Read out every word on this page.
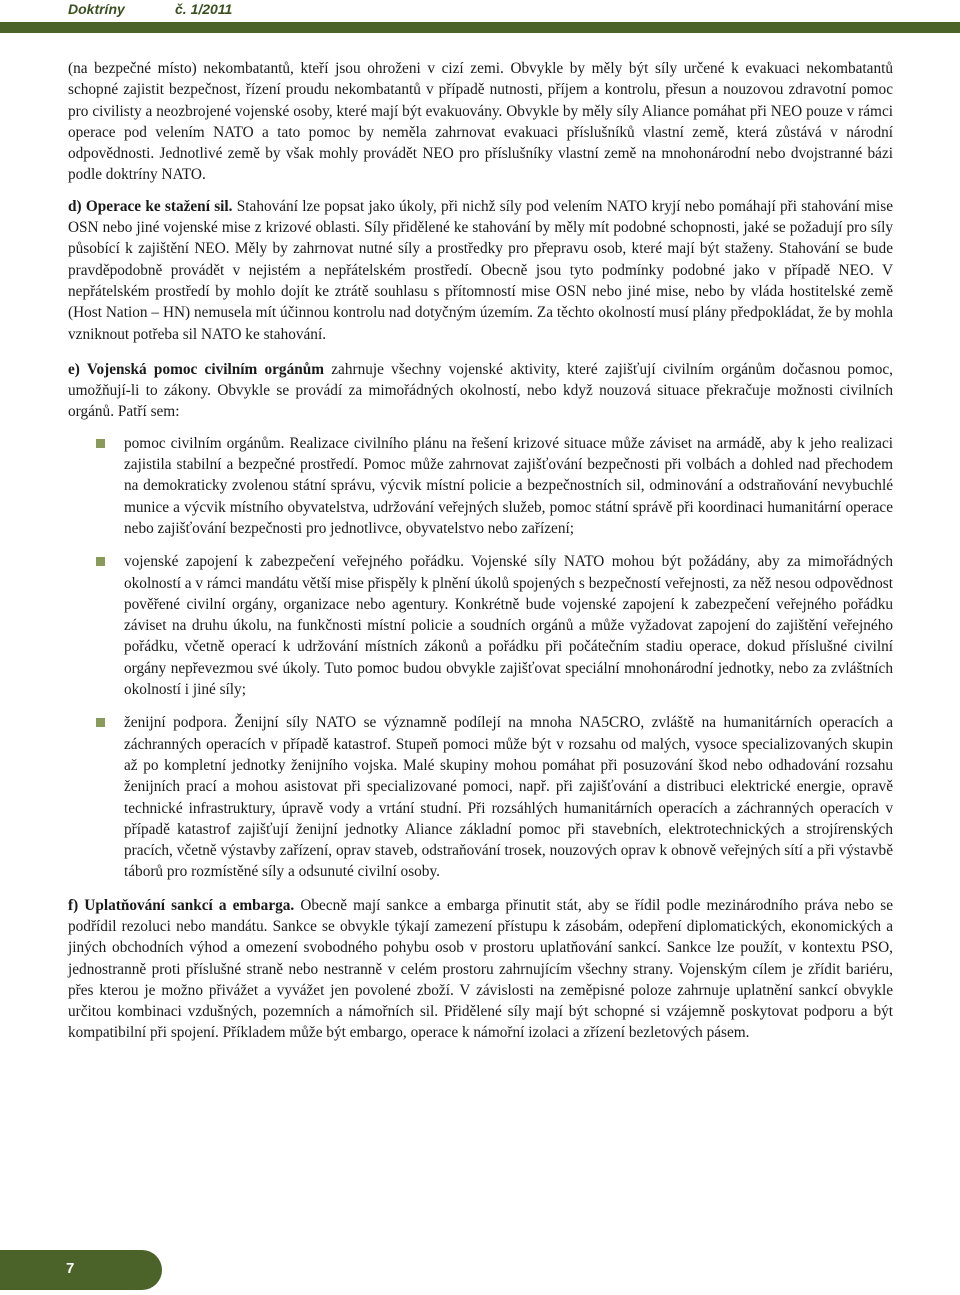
Doktríny	č. 1/2011

(na bezpečné místo) nekombatantů, kteří jsou ohroženi v cizí zemi. Obvykle by měly být síly určené k evakuaci nekombatantů schopné zajistit bezpečnost, řízení proudu nekombatantů v případě nutnosti, příjem a kontrolu, přesun a nouzovou zdravotní pomoc pro civilisty a neozbrojené vojenské osoby, které mají být evakuovány. Obvykle by měly síly Aliance pomáhat při NEO pouze v rámci operace pod velením NATO a tato pomoc by neměla zahrnovat evakuaci příslušníků vlastní země, která zůstává v národní odpovědnosti. Jednotlivé země by však mohly provádět NEO pro příslušníky vlastní země na mnohonárodní nebo dvojstranné bázi podle doktríny NATO.

d) Operace ke stažení sil. Stahování lze popsat jako úkoly, při nichž síly pod velením NATO kryjí nebo pomáhají při stahování mise OSN nebo jiné vojenské mise z krizové oblasti. Síly přidělené ke stahování by měly mít podobné schopnosti, jaké se požadují pro síly působící k zajištění NEO. Měly by zahrnovat nutné síly a prostředky pro přepravu osob, které mají být staženy. Stahování se bude pravděpodobně provádět v nejistém a nepřátelském prostředí. Obecně jsou tyto podmínky podobné jako v případě NEO. V nepřátelském prostředí by mohlo dojít ke ztrátě souhlasu s přítomností mise OSN nebo jiné mise, nebo by vláda hostitelské země (Host Nation – HN) nemusela mít účinnou kontrolu nad dotyčným územím. Za těchto okolností musí plány předpokládat, že by mohla vzniknout potřeba sil NATO ke stahování.

e) Vojenská pomoc civilním orgánům zahrnuje všechny vojenské aktivity, které zajišťují civilním orgánům dočasnou pomoc, umožňují-li to zákony. Obvykle se provádí za mimořádných okolností, nebo když nouzová situace překračuje možnosti civilních orgánů. Patří sem:

pomoc civilním orgánům. Realizace civilního plánu na řešení krizové situace může záviset na armádě, aby k jeho realizaci zajistila stabilní a bezpečné prostředí. Pomoc může zahrnovat zajišťování bezpečnosti při volbách a dohled nad přechodem na demokraticky zvolenou státní správu, výcvik místní policie a bezpečnostních sil, odminování a odstraňování nevybuchlé munice a výcvik místního obyvatelstva, udržování veřejných služeb, pomoc státní správě při koordinaci humanitární operace nebo zajišťování bezpečnosti pro jednotlivce, obyvatelstvo nebo zařízení;
vojenské zapojení k zabezpečení veřejného pořádku. Vojenské síly NATO mohou být požádány, aby za mimořádných okolností a v rámci mandátu větší mise přispěly k plnění úkolů spojených s bezpečností veřejnosti, za něž nesou odpovědnost pověřené civilní orgány, organizace nebo agentury. Konkrétně bude vojenské zapojení k zabezpečení veřejného pořádku záviset na druhu úkolu, na funkčnosti místní policie a soudních orgánů a může vyžadovat zapojení do zajištění veřejného pořádku, včetně operací k udržování místních zákonů a pořádku při počátečním stadiu operace, dokud příslušné civilní orgány nepřevezmou své úkoly. Tuto pomoc budou obvykle zajišťovat speciální mnohonárodní jednotky, nebo za zvláštních okolností i jiné síly;
ženijní podpora. Ženijní síly NATO se významně podílejí na mnoha NA5CRO, zvláště na humanitárních operacích a záchranných operacích v případě katastrof. Stupeň pomoci může být v rozsahu od malých, vysoce specializovaných skupin až po kompletní jednotky ženijního vojska. Malé skupiny mohou pomáhat při posuzování škod nebo odhadování rozsahu ženijních prací a mohou asistovat při specializované pomoci, např. při zajišťování a distribuci elektrické energie, opravě technické infrastruktury, úpravě vody a vrtání studní. Při rozsáhlých humanitárních operacích a záchranných operacích v případě katastrof zajišťují ženijní jednotky Aliance základní pomoc při stavebních, elektrotechnických a strojírenských pracích, včetně výstavby zařízení, oprav staveb, odstraňování trosek, nouzových oprav k obnově veřejných sítí a při výstavbě táborů pro rozmístěné síly a odsunuté civilní osoby.

f) Uplatňování sankcí a embarga. Obecně mají sankce a embarga přinutit stát, aby se řídil podle mezinárodního práva nebo se podřídil rezoluci nebo mandátu. Sankce se obvykle týkají zamezení přístupu k zásobám, odepření diplomatických, ekonomických a jiných obchodních výhod a omezení svobodného pohybu osob v prostoru uplatňování sankcí. Sankce lze použít, v kontextu PSO, jednostranně proti příslušné straně nebo nestranně v celém prostoru zahrnujícím všechny strany. Vojenským cílem je zřídit bariéru, přes kterou je možno přivážet a vyvážet jen povolené zboží. V závislosti na zeměpisné poloze zahrnuje uplatnění sankcí obvykle určitou kombinaci vzdušných, pozemních a námořních sil. Přidělené síly mají být schopné si vzájemně poskytovat podporu a být kompatibilní při spojení. Příkladem může být embargo, operace k námořní izolaci a zřízení bezletových pásem.

7
